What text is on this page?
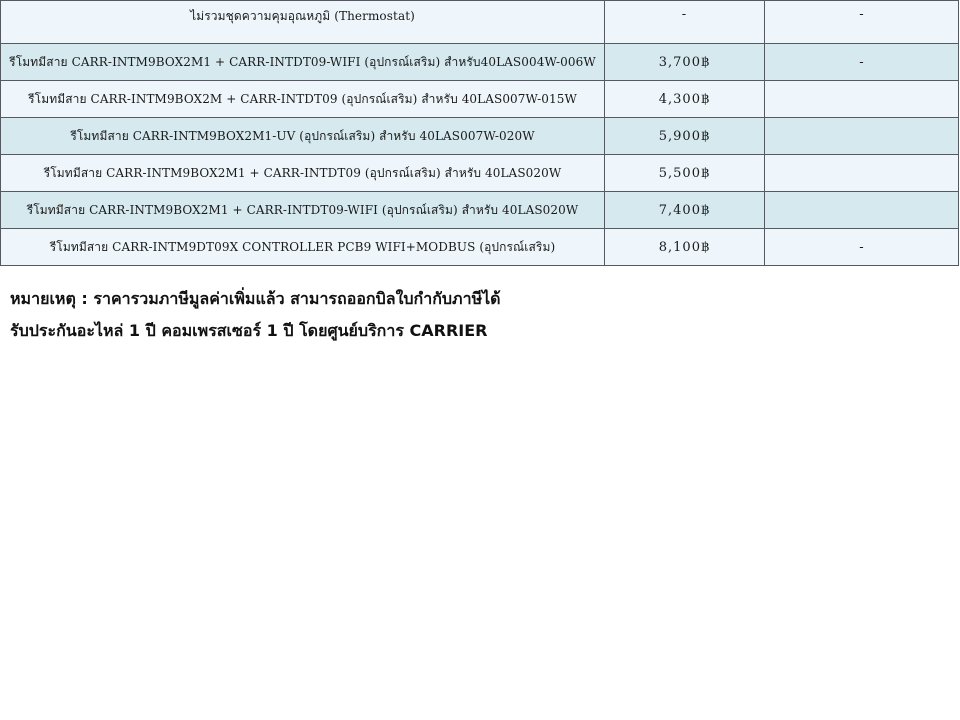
ไม่รวมชุดความคุมอุณหภูมิ (Thermostat)	-	-
รีโมทมีสาย CARR-INTM9BOX2M1 + CARR-INTDT09-WIFI (อุปกรณ์เสริม) สำหรับ40LAS004W-006W	3,700฿	-
รีโมทมีสาย CARR-INTM9BOX2M + CARR-INTDT09 (อุปกรณ์เสริม) สำหรับ 40LAS007W-015W	4,300฿	
รีโมทมีสาย CARR-INTM9BOX2M1-UV (อุปกรณ์เสริม) สำหรับ 40LAS007W-020W	5,900฿	
รีโมทมีสาย CARR-INTM9BOX2M1 + CARR-INTDT09 (อุปกรณ์เสริม) สำหรับ 40LAS020W	5,500฿	
รีโมทมีสาย CARR-INTM9BOX2M1 + CARR-INTDT09-WIFI (อุปกรณ์เสริม) สำหรับ 40LAS020W	7,400฿	
รีโมทมีสาย CARR-INTM9DT09X CONTROLLER PCB9 WIFI+MODBUS (อุปกรณ์เสริม)	8,100฿	-
หมายเหตุ : ราคารวมภาษีมูลค่าเพิ่มแล้ว สามารถออกบิลใบกำกับภาษีได้
รับประกันอะไหล่ 1 ปี คอมเพรสเซอร์ 1 ปี โดยศูนย์บริการ CARRIER
